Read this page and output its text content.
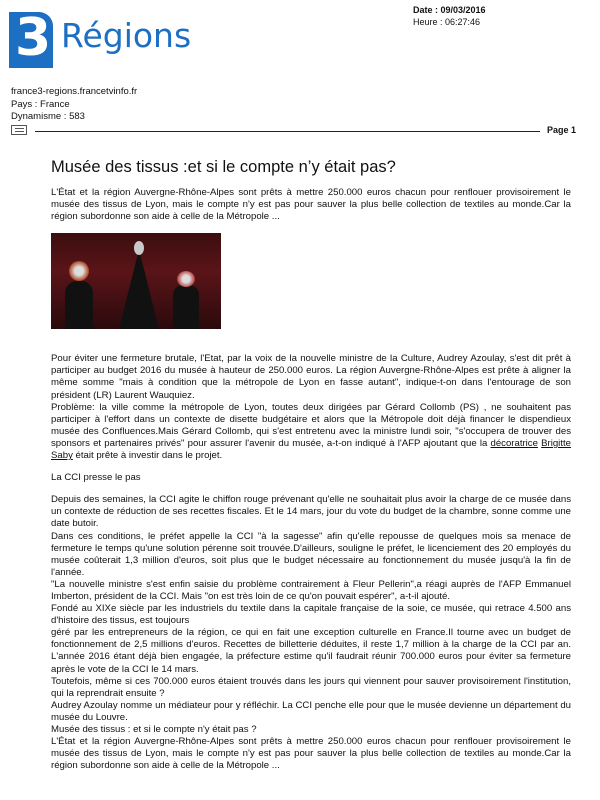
3 Régions
Date : 09/03/2016
Heure : 06:27:46
france3-regions.francetvinfo.fr
Pays : France
Dynamisme : 583
Page 1
Musée des tissus :et si le compte n’y était pas?

L'État et la région Auvergne-Rhône-Alpes sont prêts à mettre 250.000 euros chacun pour renflouer provisoirement le musée des tissus de Lyon, mais le compte n'y est pas pour sauver la plus belle collection de textiles au monde.Car la région subordonne son aide à celle de la Métropole ...

Pour éviter une fermeture brutale, l'Etat, par la voix de la nouvelle ministre de la Culture, Audrey Azoulay, s'est dit prêt à participer au budget 2016 du musée à hauteur de 250.000 euros. La région Auvergne-Rhône-Alpes est prête à aligner la même somme "mais à condition que la métropole de Lyon en fasse autant", indique-t-on dans l'entourage de son président (LR) Laurent Wauquiez.

Problème: la ville comme la métropole de Lyon, toutes deux dirigées par Gérard Collomb (PS) , ne souhaitent pas participer à l'effort dans un contexte de disette budgétaire et alors que la Métropole doit déjà financer le dispendieux musée des Confluences.Mais Gérard Collomb, qui s'est entretenu avec la ministre lundi soir, "s'occupera de trouver des sponsors et partenaires privés" pour assurer l'avenir du musée, a-t-on indiqué à l'AFP ajoutant que la décoratrice Brigitte Saby était prête à investir dans le projet.

La CCI presse le pas

Depuis des semaines, la CCI agite le chiffon rouge prévenant qu'elle ne souhaitait plus avoir la charge de ce musée dans un contexte de réduction de ses recettes fiscales. Et le 14 mars, jour du vote du budget de la chambre, sonne comme une date butoir.

Dans ces conditions, le préfet appelle la CCI "à la sagesse" afin qu'elle repousse de quelques mois sa menace de fermeture le temps qu'une solution pérenne soit trouvée.D'ailleurs, souligne le préfet, le licenciement des 20 employés du musée coûterait 1,3 million d'euros, soit plus que le budget nécessaire au fonctionnement du musée jusqu'à la fin de l'année.

"La nouvelle ministre s'est enfin saisie du problème contrairement à Fleur Pellerin",a réagi auprès de l'AFP Emmanuel Imberton, président de la CCI. Mais "on est très loin de ce qu'on pouvait espérer", a-t-il ajouté.

Fondé au XIXe siècle par les industriels du textile dans la capitale française de la soie, ce musée, qui retrace 4.500 ans d'histoire des tissus, est toujours

géré par les entrepreneurs de la région, ce qui en fait une exception culturelle en France.Il tourne avec un budget de fonctionnement de 2,5 millions d'euros. Recettes de billetterie déduites, il reste 1,7 million à la charge de la CCI par an. L'année 2016 étant déjà bien engagée, la préfecture estime qu'il faudrait réunir 700.000 euros pour éviter sa fermeture après le vote de la CCI le 14 mars.

Toutefois, même si ces 700.000 euros étaient trouvés dans les jours qui viennent pour sauver provisoirement l'institution, qui la reprendrait ensuite ?

Audrey Azoulay nomme un médiateur pour y réfléchir. La CCI penche elle pour que le musée devienne un département du musée du Louvre.

Musée des tissus : et si le compte n'y était pas ?

L'État et la région Auvergne-Rhône-Alpes sont prêts à mettre 250.000 euros chacun pour renflouer provisoirement le musée des tissus de Lyon, mais le compte n'y est pas pour sauver la plus belle collection de textiles au monde.Car la région subordonne son aide à celle de la Métropole ...
